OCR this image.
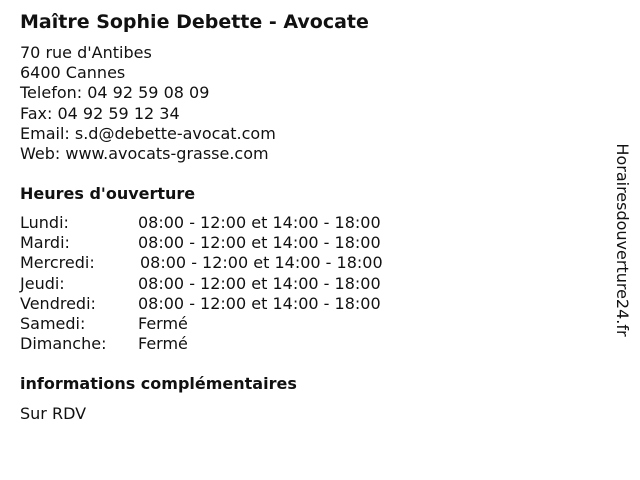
Maître Sophie Debette - Avocate
70 rue d'Antibes
6400 Cannes
Telefon: 04 92 59 08 09
Fax: 04 92 59 12 34
Email: s.d@debette-avocat.com
Web: www.avocats-grasse.com
Heures d'ouverture
Lundi:	08:00 - 12:00 et 14:00 - 18:00
Mardi:	08:00 - 12:00 et 14:00 - 18:00
Mercredi:	08:00 - 12:00 et 14:00 - 18:00
Jeudi:	08:00 - 12:00 et 14:00 - 18:00
Vendredi:	08:00 - 12:00 et 14:00 - 18:00
Samedi:	Fermé
Dimanche: Fermé
informations complémentaires
Sur RDV
Horairesdouverture24.fr
